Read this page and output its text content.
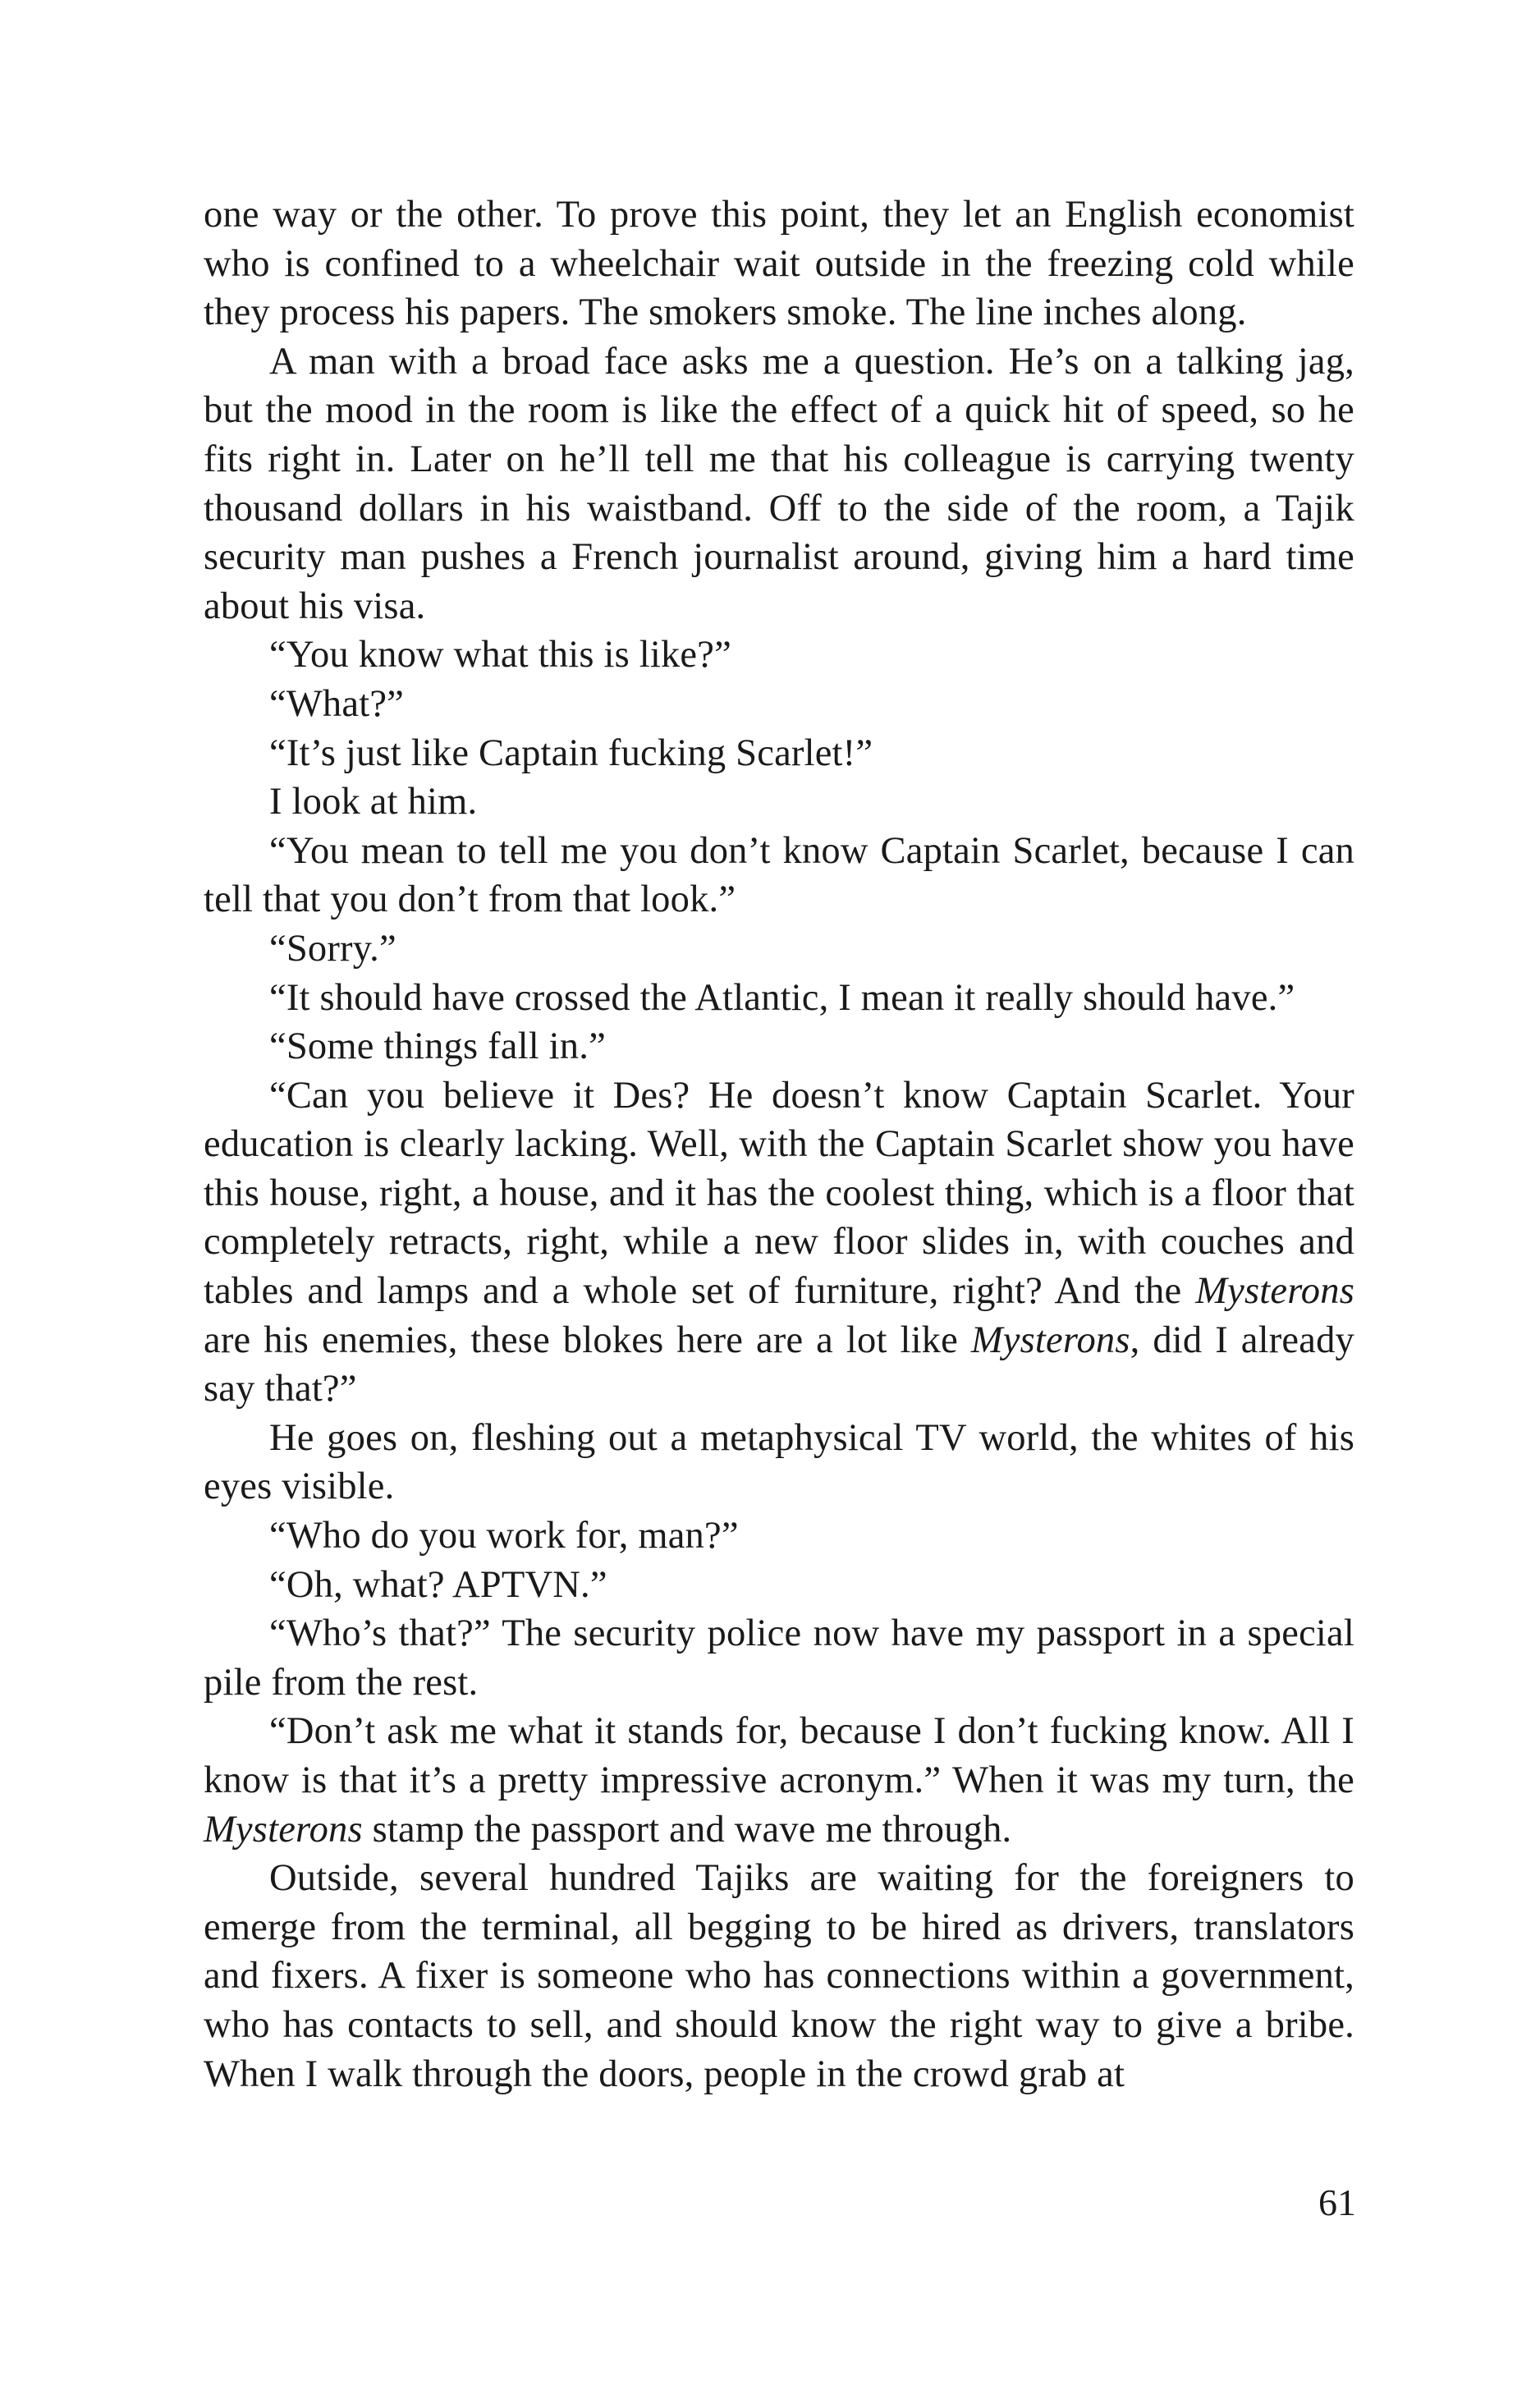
one way or the other. To prove this point, they let an English economist who is confined to a wheelchair wait outside in the freezing cold while they process his papers. The smokers smoke. The line inches along.

A man with a broad face asks me a question. He’s on a talking jag, but the mood in the room is like the effect of a quick hit of speed, so he fits right in. Later on he’ll tell me that his colleague is carrying twenty thousand dollars in his waistband. Off to the side of the room, a Tajik security man pushes a French journalist around, giving him a hard time about his visa.

“You know what this is like?”

“What?”

“It’s just like Captain fucking Scarlet!”

I look at him.

“You mean to tell me you don’t know Captain Scarlet, because I can tell that you don’t from that look.”

“Sorry.”

“It should have crossed the Atlantic, I mean it really should have.”

“Some things fall in.”

“Can you believe it Des? He doesn’t know Captain Scarlet. Your education is clearly lacking. Well, with the Captain Scarlet show you have this house, right, a house, and it has the coolest thing, which is a floor that completely retracts, right, while a new floor slides in, with couches and tables and lamps and a whole set of furniture, right? And the Mysterons are his enemies, these blokes here are a lot like Mysterons, did I already say that?”

He goes on, fleshing out a metaphysical TV world, the whites of his eyes visible.

“Who do you work for, man?”

“Oh, what? APTVN.”

“Who’s that?” The security police now have my passport in a special pile from the rest.

“Don’t ask me what it stands for, because I don’t fucking know. All I know is that it’s a pretty impressive acronym.” When it was my turn, the Mysterons stamp the passport and wave me through.

Outside, several hundred Tajiks are waiting for the foreigners to emerge from the terminal, all begging to be hired as drivers, translators and fixers. A fixer is someone who has connections within a government, who has contacts to sell, and should know the right way to give a bribe. When I walk through the doors, people in the crowd grab at

61
